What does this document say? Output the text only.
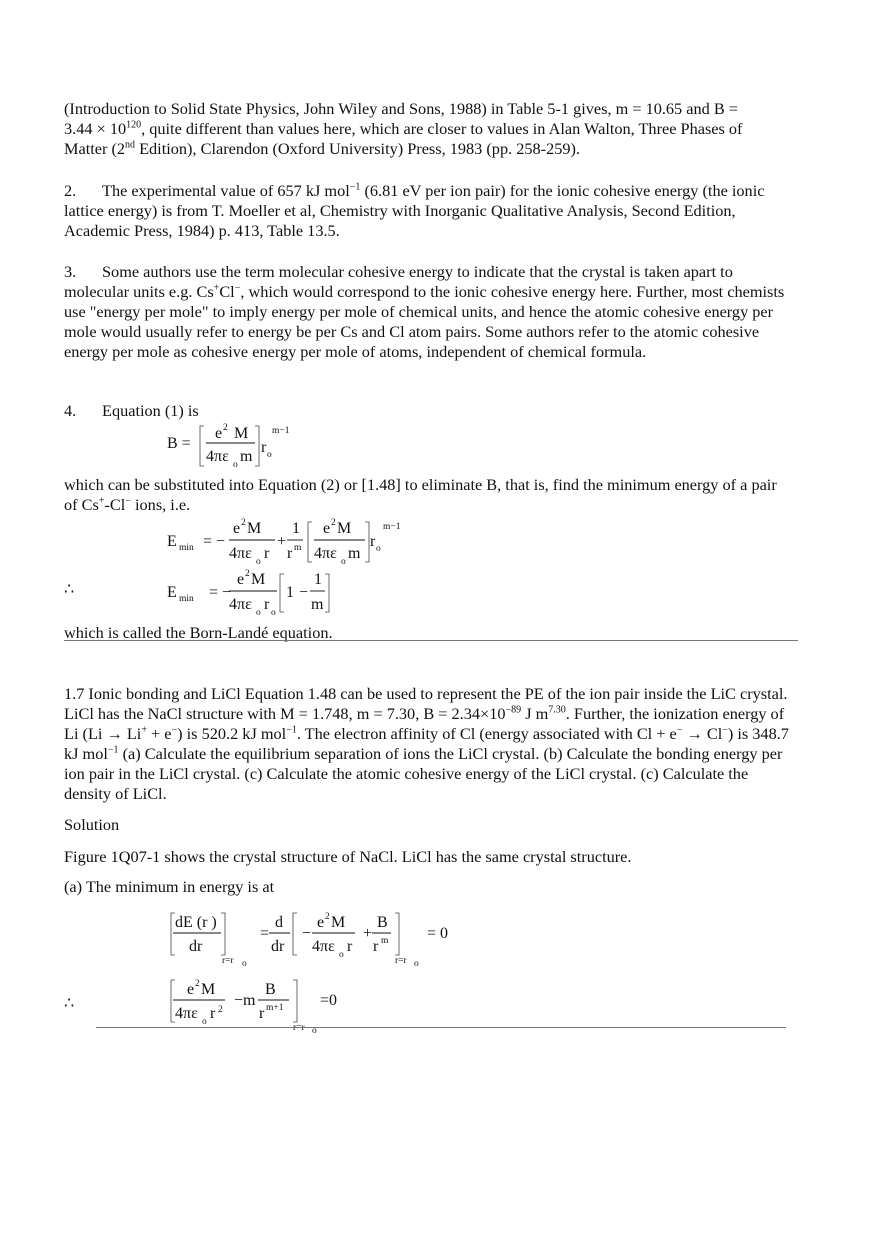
(Introduction to Solid State Physics, John Wiley and Sons, 1988) in Table 5-1 gives, m = 10.65 and B =
$3.44 \times 10^{120}$, quite different than values here, which are closer to values in Alan Walton, Three Phases of
Matter (2nd Edition), Clarendon (Oxford University) Press, 1983 (pp. 258-259).

2. The experimental value of 657 kJ mol$^{-1}$ (6.81 eV per ion pair) for the ionic cohesive energy (the ionic lattice energy) is from T. Moeller et al, Chemistry with Inorganic Qualitative Analysis, Second Edition, Academic Press, 1984) p. 413, Table 13.5.

3. Some authors use the term molecular cohesive energy to indicate that the crystal is taken apart to molecular units e.g. Cs+Cl−, which would correspond to the ionic cohesive energy here. Further, most chemists use "energy per mole" to imply energy per mole of chemical units, and hence the atomic cohesive energy per mole would usually refer to energy be per Cs and Cl atom pairs. Some authors refer to the atomic cohesive energy per mole as cohesive energy per mole of atoms, independent of chemical formula.

4. Equation (1) is

B =
e 2 M
4πε o m
r o
m−1

which can be substituted into Equation (2) or [1.48] to eliminate B, that is, find the minimum energy of a pair of Cs+-Cl− ions, i.e.

E min = −
e 2 M
4πε o r
+
1
r m
e 2 M
4πε o m
r o
m−1
∴	E min = −
e 2 M
4πε o r o
1 −
1
m

which is called the Born-Landé equation.

1.7 Ionic bonding and LiCl Equation 1.48 can be used to represent the PE of the ion pair inside the LiC crystal. LiCl has the NaCl structure with M = 1.748, m = 7.30, $B = 2.34\times 10^{-89}$ J $m^{7.30}$. Further, the ionization energy of Li (Li → Li+ + e−) is 520.2 kJ mol$^{-1}$. The electron affinity of Cl (energy associated with Cl + e− → Cl−) is 348.7 kJ mol$^{-1}$ (a) Calculate the equilibrium separation of ions the LiCl crystal. (b) Calculate the bonding energy per ion pair in the LiCl crystal. (c) Calculate the atomic cohesive energy of the LiCl crystal. (c) Calculate the density of LiCl.

Solution

Figure 1Q07-1 shows the crystal structure of NaCl. LiCl has the same crystal structure.

(a) The minimum in energy is at

dE (r )
dr
r=r o
=
d
dr
−
e 2 M
4πε o r
+
B
r m
r=r o
= 0
∴
e 2 M
4πε o r 2
−m
B
r m+1
r=r o
=0
